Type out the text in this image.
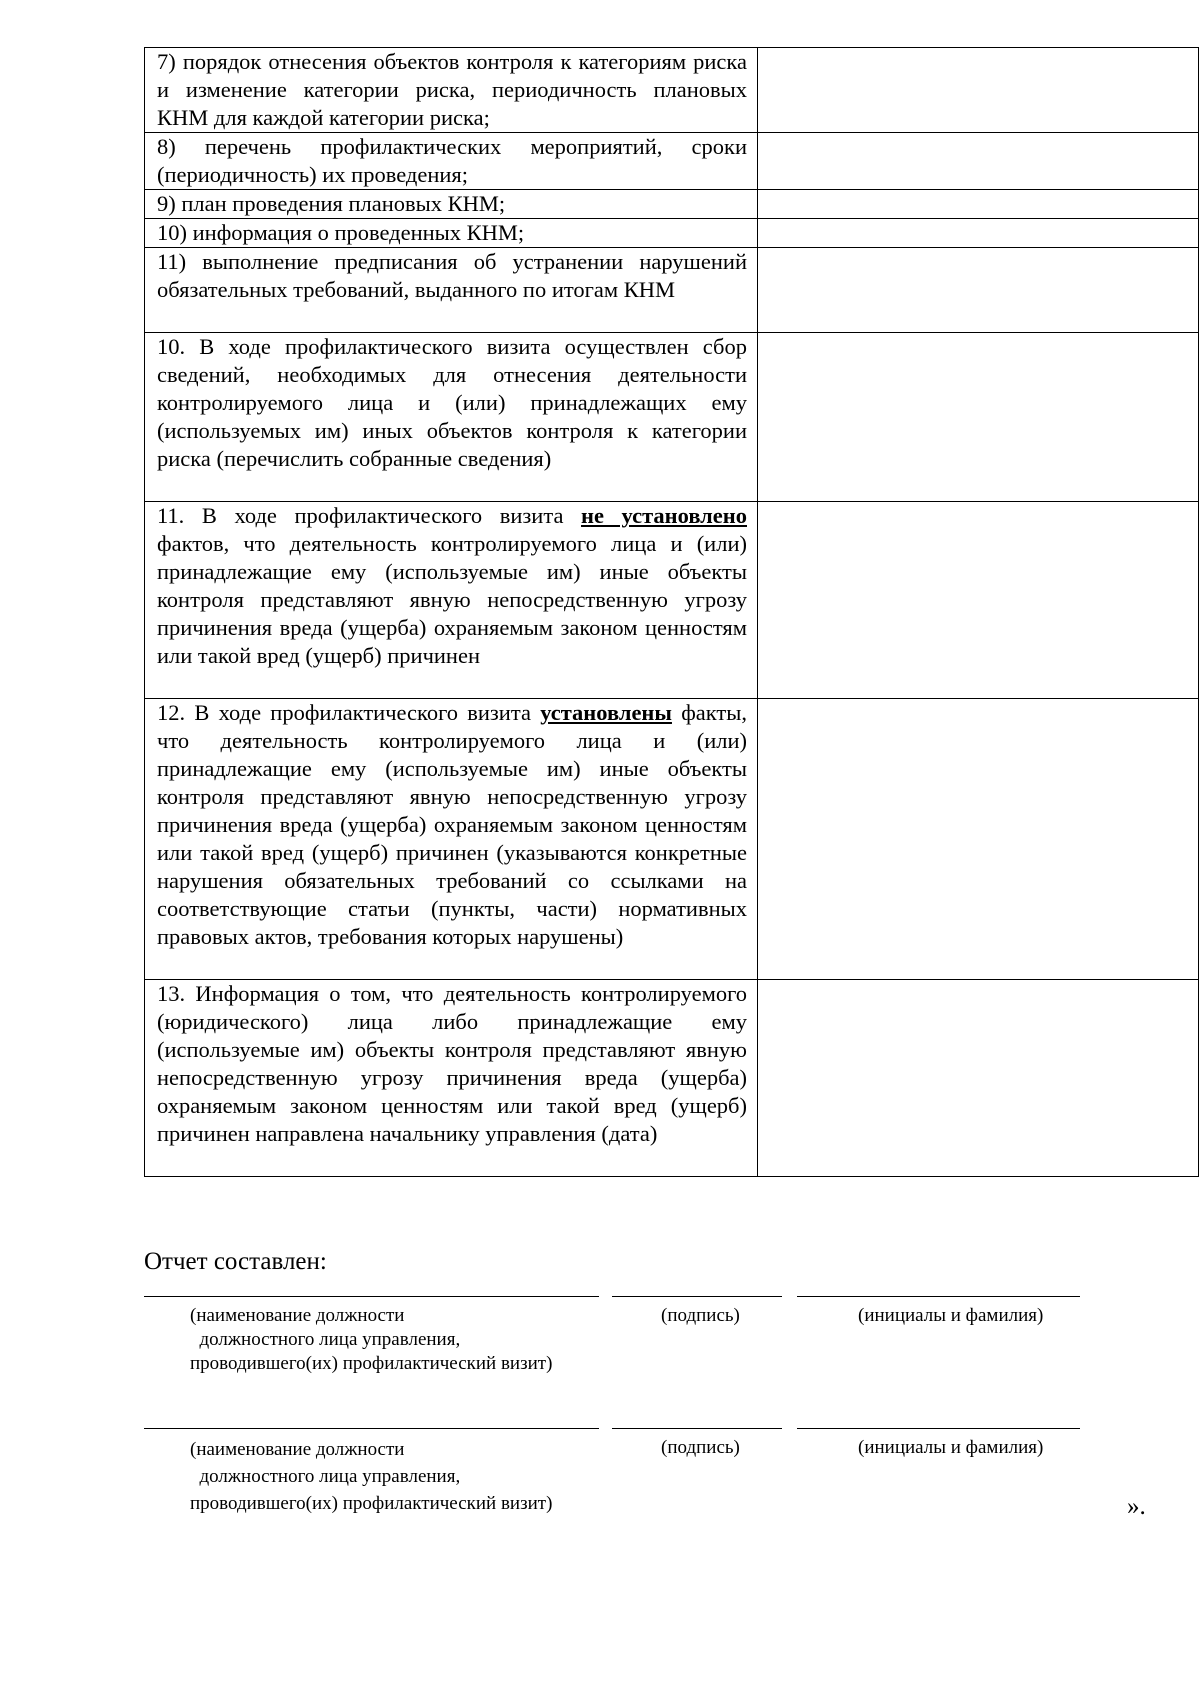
7) порядок отнесения объектов контроля к категориям риска и изменение категории риска, периодичность плановых КНМ для каждой категории риска;	
8) перечень профилактических мероприятий, сроки (периодичность) их проведения;	
9) план проведения плановых КНМ;	
10) информация о проведенных КНМ;	
11) выполнение предписания об устранении нарушений обязательных требований, выданного по итогам КНМ	
10. В ходе профилактического визита осуществлен сбор сведений, необходимых для отнесения деятельности контролируемого лица и (или) принадлежащих ему (используемых им) иных объектов контроля к категории риска (перечислить собранные сведения)	
11. В ходе профилактического визита не установлено фактов, что деятельность контролируемого лица и (или) принадлежащие ему (используемые им) иные объекты контроля представляют явную непосредственную угрозу причинения вреда (ущерба) охраняемым законом ценностям или такой вред (ущерб) причинен	
12. В ходе профилактического визита установлены факты, что деятельность контролируемого лица и (или) принадлежащие ему (используемые им) иные объекты контроля представляют явную непосредственную угрозу причинения вреда (ущерба) охраняемым законом ценностям или такой вред (ущерб) причинен (указываются конкретные нарушения обязательных требований со ссылками на соответствующие статьи (пункты, части) нормативных правовых актов, требования которых нарушены)	
13. Информация о том, что деятельность контролируемого (юридического) лица либо принадлежащие ему (используемые им) объекты контроля представляют явную непосредственную угрозу причинения вреда (ущерба) охраняемым законом ценностям или такой вред (ущерб) причинен направлена начальнику управления (дата)	
Отчет составлен:
(наименование должности
должностного лица управления,
проводившего(их) профилактический визит)
(подпись)	(инициалы и фамилия)
(наименование должности
должностного лица управления,
проводившего(их) профилактический визит)
(подпись)	(инициалы и фамилия)
».
